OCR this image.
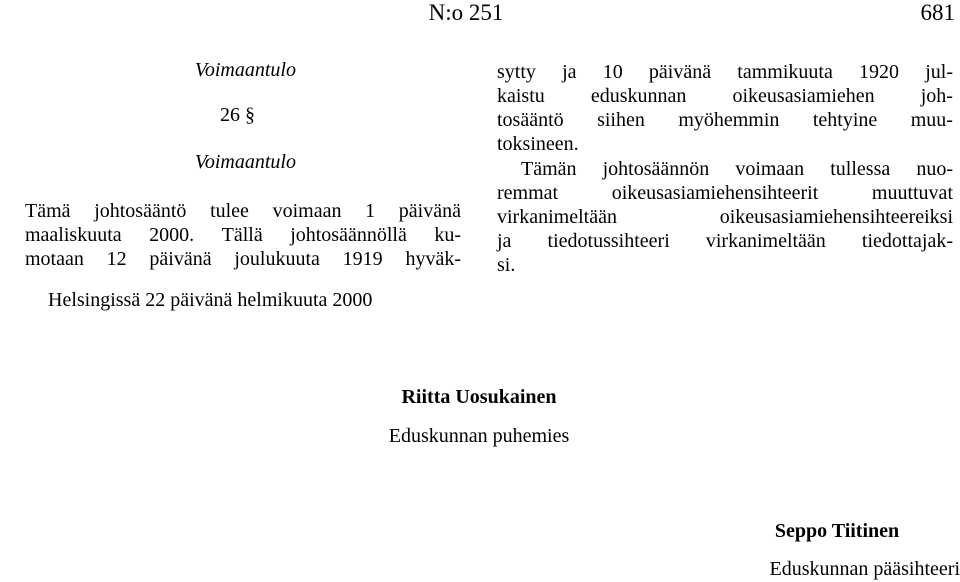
N:o 251	681
Voimaantulo
26 §
Voimaantulo
Tämä johtosääntö tulee voimaan 1 päivänä
maaliskuuta 2000. Tällä johtosäännöllä ku-
motaan 12 päivänä joulukuuta 1919 hyväk-
sytty ja 10 päivänä tammikuuta 1920 jul-
kaistu eduskunnan oikeusasiamiehen joh-
tosääntö siihen myöhemmin tehtyine muu-
toksineen.
Tämän johtosäännön voimaan tullessa nuo-
remmat	oikeusasiamiehensihteerit	muuttuvat
virkanimeltään	oikeusasiamiehensihteereiksi
ja tiedotussihteeri virkanimeltään tiedottajak-
si.
Helsingissä 22 päivänä helmikuuta 2000
Riitta Uosukainen
Eduskunnan puhemies
Seppo Tiitinen
Eduskunnan pääsihteeri
